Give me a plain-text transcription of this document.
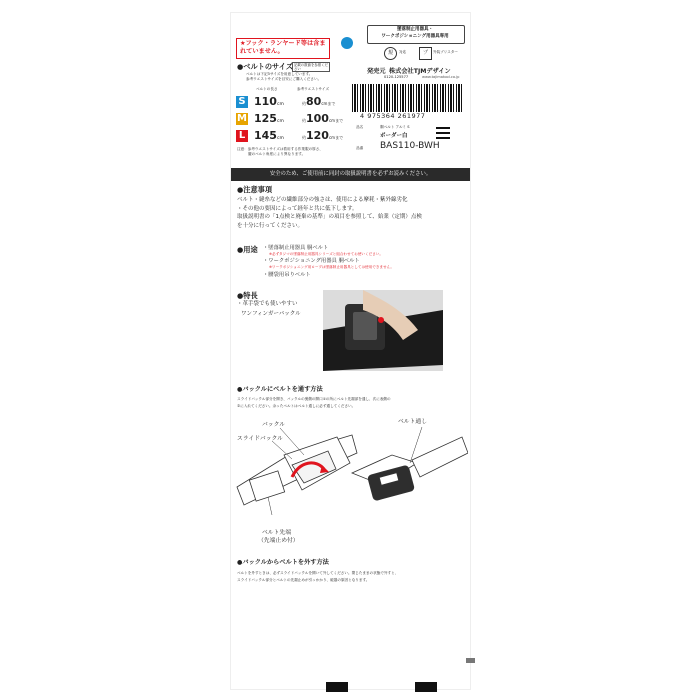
★フック・ランヤード等は含まれていません。
墜落制止用器具・
ワークポジショニング用器具専用
規	対応	プ	外装ブリスター
発売元 株式会社TJMデザイン
0120-125577	www.tajimatool.co.jp
●ベルトのサイズ 記載の数値を参照ください
ベルトは下記3サイズを用意しています。
参考ウエストサイズを目安にご購入ください。
ベルトの長さ	参考ウエストサイズ
S 110cm	約80cmまで
M 125cm	約100cmまで
L 145cm	約120cmまで
注意：参考ウエストサイズは着用する作業服の厚さ、
腰のベルト角度により異なります。
4 975364 261977
品名	胴ベルト アルミ S
ボーダー白
品番 BAS110-BWH
安全のため、ご使用前に同封の取扱説明書を必ずお読みください。
●注意事項
ベルト・縫糸などの繊維部分の強さは、使用による摩耗・紫外線劣化
・その他の要因によって経年と共に低下します。
取扱説明書の「1点検と廃棄の基準」の項目を参照して、始業（定期）点検
を十分に行ってください。
●用途 ・墜落制止用器具 胴ベルト
※必ずタジマの墜落制止用器具シリーズと組合わせてお使いください。
・ワークポジショニング用器具 胴ベルト
※ワークポジショニング用ロープは墜落制止用器具としては使用できません。
・腰袋用吊りベルト
●特長
・革手袋でも使いやすい
ワンフィンガーバックル
●バックルにベルトを通す方法
スライドバックル部分を開き、バックルの裏側の開口①の所にベルト先端部を通し、次に表側の
②に入れてください。余ったベルトはベルト通しに必ず通してください。
バックル
スライドバックル
ベルト通し
ベルト先端
（先端止め付）
●バックルからベルトを外す方法
ベルトを外すときは、必ずスライドバックルを開いて外してください。閉じたままの状態で外すと、
スライドバックル部分とベルトの先端止めが引っかかり、破損の原因となります。
